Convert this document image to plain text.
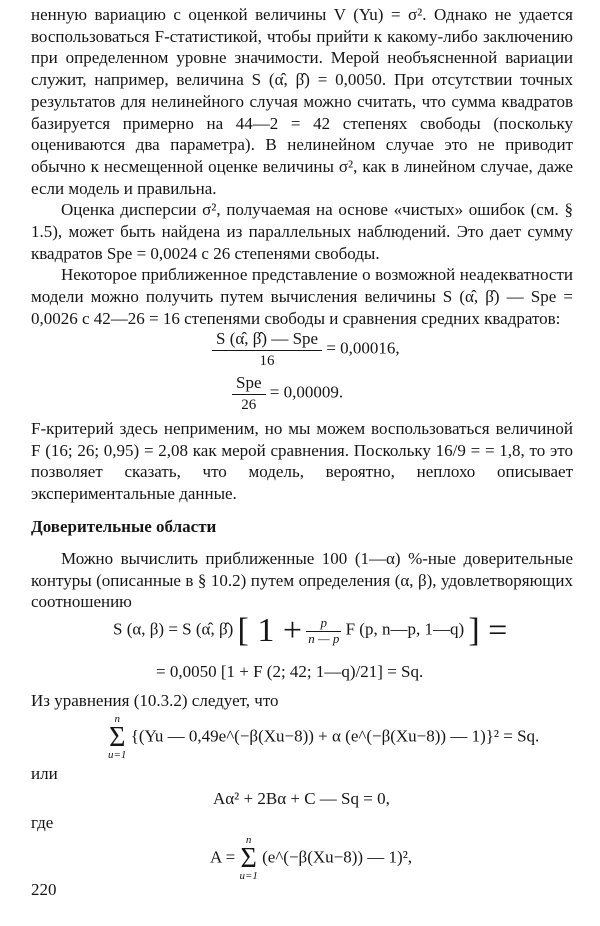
ненную вариацию с оценкой величины V (Yu) = σ². Однако не удается воспользоваться F-статистикой, чтобы прийти к какому-либо заключению при определенном уровне значимости. Мерой необъясненной вариации служит, например, величина S (α̂, β̂) = 0,0050. При отсутствии точных результатов для нелинейного случая можно считать, что сумма квадратов базируется примерно на 44—2 = 42 степенях свободы (поскольку оцениваются два параметра). В нелинейном случае это не приводит обычно к несмещенной оценке величины σ², как в линейном случае, даже если модель и правильна.

Оценка дисперсии σ², получаемая на основе «чистых» ошибок (см. § 1.5), может быть найдена из параллельных наблюдений. Это дает сумму квадратов Spe = 0,0024 с 26 степенями свободы.

Некоторое приближенное представление о возможной неадекватности модели можно получить путем вычисления величины S (α̂, β̂) — Spe = 0,0026 с 42—26 = 16 степенями свободы и сравнения средних квадратов:

$\frac{\text{S (α̂, β̂) — Spe}}{16} = 0,00016$,
$\frac{\text{Spe}}{26} = 0,00009$.

F-критерий здесь неприменим, но мы можем воспользоваться величиной F (16; 26; 0,95) = 2,08 как мерой сравнения. Поскольку 16/9 = = 1,8, то это позволяет сказать, что модель, вероятно, неплохо описывает экспериментальные данные.

Доверительные области

Можно вычислить приближенные 100 (1—α) %-ные доверительные контуры (описанные в § 10.2) путем определения (α, β), удовлетворяющих соотношению

S (α, β) = S (α̂, β̂) [ $1 + \frac{p}{n — p}$ F (p, n—p, 1—q) ] =
= 0,0050 [1 + F (2; 42; 1—q)/21] = Sq.

Из уравнения (10.3.2) следует, что

n
Σ
u=1
{(Yu — 0,49e^(−β(Xu−8)) + α (e^(−β(Xu−8)) — 1)}² = Sq.
или
Aα² + 2Bα + C — Sq = 0,
где
A =
n
Σ
u=1
(e^(−β(Xu−8)) — 1)²,
220
